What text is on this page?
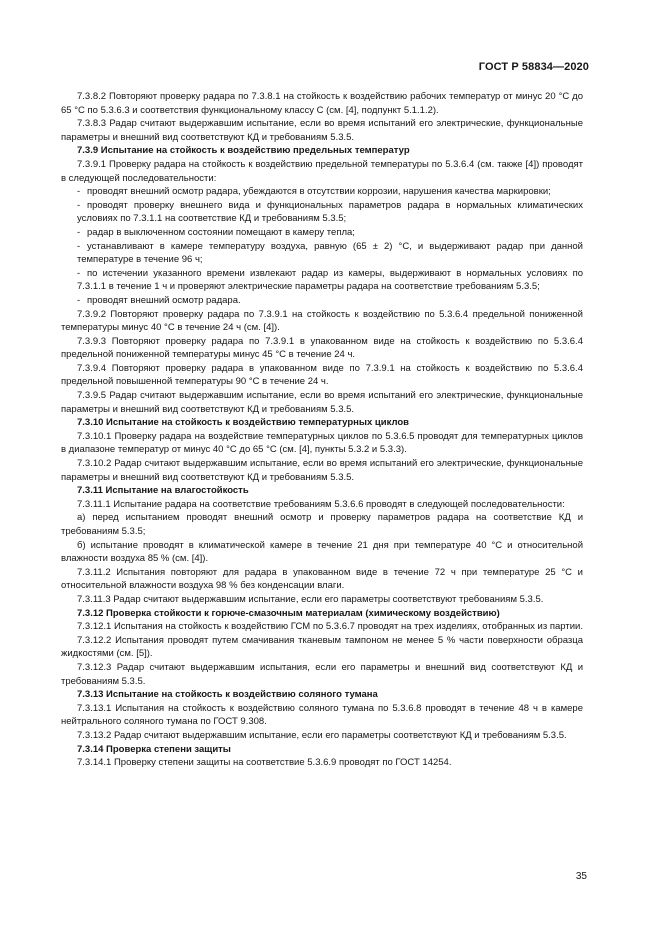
ГОСТ Р 58834—2020

7.3.8.2 Повторяют проверку радара по 7.3.8.1 на стойкость к воздействию рабочих температур от минус 20 °С до 65 °С по 5.3.6.3 и соответствия функциональному классу С (см. [4], подпункт 5.1.1.2).

7.3.8.3 Радар считают выдержавшим испытание, если во время испытаний его электрические, функциональные параметры и внешний вид соответствуют КД и требованиям 5.3.5.

7.3.9 Испытание на стойкость к воздействию предельных температур

7.3.9.1 Проверку радара на стойкость к воздействию предельной температуры по 5.3.6.4 (см. также [4]) проводят в следующей последовательности:

- проводят внешний осмотр радара, убеждаются в отсутствии коррозии, нарушения качества маркировки;

- проводят проверку внешнего вида и функциональных параметров радара в нормальных климатических условиях по 7.3.1.1 на соответствие КД и требованиям 5.3.5;

- радар в выключенном состоянии помещают в камеру тепла;

- устанавливают в камере температуру воздуха, равную (65 ± 2) °С, и выдерживают радар при данной температуре в течение 96 ч;

- по истечении указанного времени извлекают радар из камеры, выдерживают в нормальных условиях по 7.3.1.1 в течение 1 ч и проверяют электрические параметры радара на соответствие требованиям 5.3.5;

- проводят внешний осмотр радара.

7.3.9.2 Повторяют проверку радара по 7.3.9.1 на стойкость к воздействию по 5.3.6.4 предельной пониженной температуры минус 40 °С в течение 24 ч (см. [4]).

7.3.9.3 Повторяют проверку радара по 7.3.9.1 в упакованном виде на стойкость к воздействию по 5.3.6.4 предельной пониженной температуры минус 45 °С в течение 24 ч.

7.3.9.4 Повторяют проверку радара в упакованном виде по 7.3.9.1 на стойкость к воздействию по 5.3.6.4 предельной повышенной температуры 90 °С в течение 24 ч.

7.3.9.5 Радар считают выдержавшим испытание, если во время испытаний его электрические, функциональные параметры и внешний вид соответствуют КД и требованиям 5.3.5.

7.3.10 Испытание на стойкость к воздействию температурных циклов

7.3.10.1 Проверку радара на воздействие температурных циклов по 5.3.6.5 проводят для температурных циклов в диапазоне температур от минус 40 °С до 65 °С (см. [4], пункты 5.3.2 и 5.3.3).

7.3.10.2 Радар считают выдержавшим испытание, если во время испытаний его электрические, функциональные параметры и внешний вид соответствуют КД и требованиям 5.3.5.

7.3.11 Испытание на влагостойкость

7.3.11.1 Испытание радара на соответствие требованиям 5.3.6.6 проводят в следующей последовательности:

а) перед испытанием проводят внешний осмотр и проверку параметров радара на соответствие КД и требованиям 5.3.5;

б) испытание проводят в климатической камере в течение 21 дня при температуре 40 °С и относительной влажности воздуха 85 % (см. [4]).

7.3.11.2 Испытания повторяют для радара в упакованном виде в течение 72 ч при температуре 25 °С и относительной влажности воздуха 98 % без конденсации влаги.

7.3.11.3 Радар считают выдержавшим испытание, если его параметры соответствуют требованиям 5.3.5.

7.3.12 Проверка стойкости к горюче-смазочным материалам (химическому воздействию)

7.3.12.1 Испытания на стойкость к воздействию ГСМ по 5.3.6.7 проводят на трех изделиях, отобранных из партии.

7.3.12.2 Испытания проводят путем смачивания тканевым тампоном не менее 5 % части поверхности образца жидкостями (см. [5]).

7.3.12.3 Радар считают выдержавшим испытания, если его параметры и внешний вид соответствуют КД и требованиям 5.3.5.

7.3.13 Испытание на стойкость к воздействию соляного тумана

7.3.13.1 Испытания на стойкость к воздействию соляного тумана по 5.3.6.8 проводят в течение 48 ч в камере нейтрального соляного тумана по ГОСТ 9.308.

7.3.13.2 Радар считают выдержавшим испытание, если его параметры соответствуют КД и требованиям 5.3.5.

7.3.14 Проверка степени защиты

7.3.14.1 Проверку степени защиты на соответствие 5.3.6.9 проводят по ГОСТ 14254.

35
